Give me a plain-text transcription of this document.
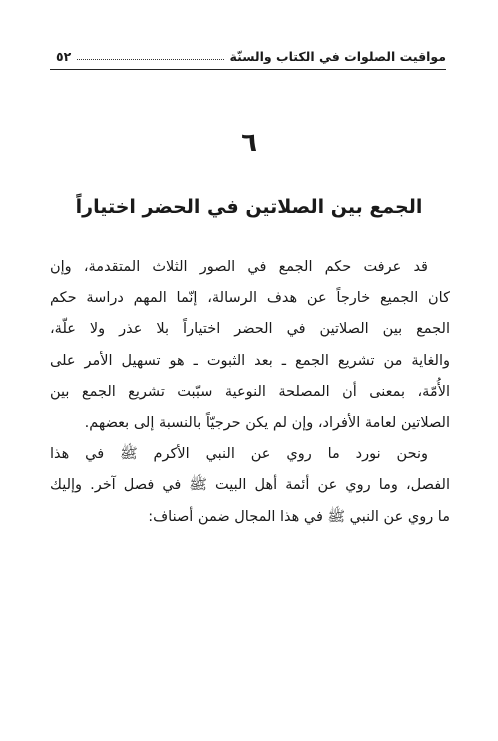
٥٢	مواقيت الصلوات في الكتاب والسنّة
٦
الجمع بين الصلاتين في الحضر اختياراً
قد عرفت حكم الجمع في الصور الثلاث المتقدمة، وإن
كان الجميع خارجاً عن هدف الرسالة، إنّما المهم دراسة حكم
الجمع بين الصلاتين في الحضر اختياراً بلا عذر ولا علّة،
والغاية من تشريع الجمع ـ بعد الثبوت ـ هو تسهيل الأمر على
الأُمّة، بمعنى أن المصلحة النوعية سبّبت تشريع الجمع بين
الصلاتين لعامة الأفراد، وإن لم يكن حرجيّاً بالنسبة إلى بعضهم.
ونحن نورد ما روي عن النبي الأكرم ﷺ في هذا
الفصل، وما روي عن أئمة أهل البيت ﷺ في فصل آخر. وإليك
ما روي عن النبي ﷺ في هذا المجال ضمن أصناف:
